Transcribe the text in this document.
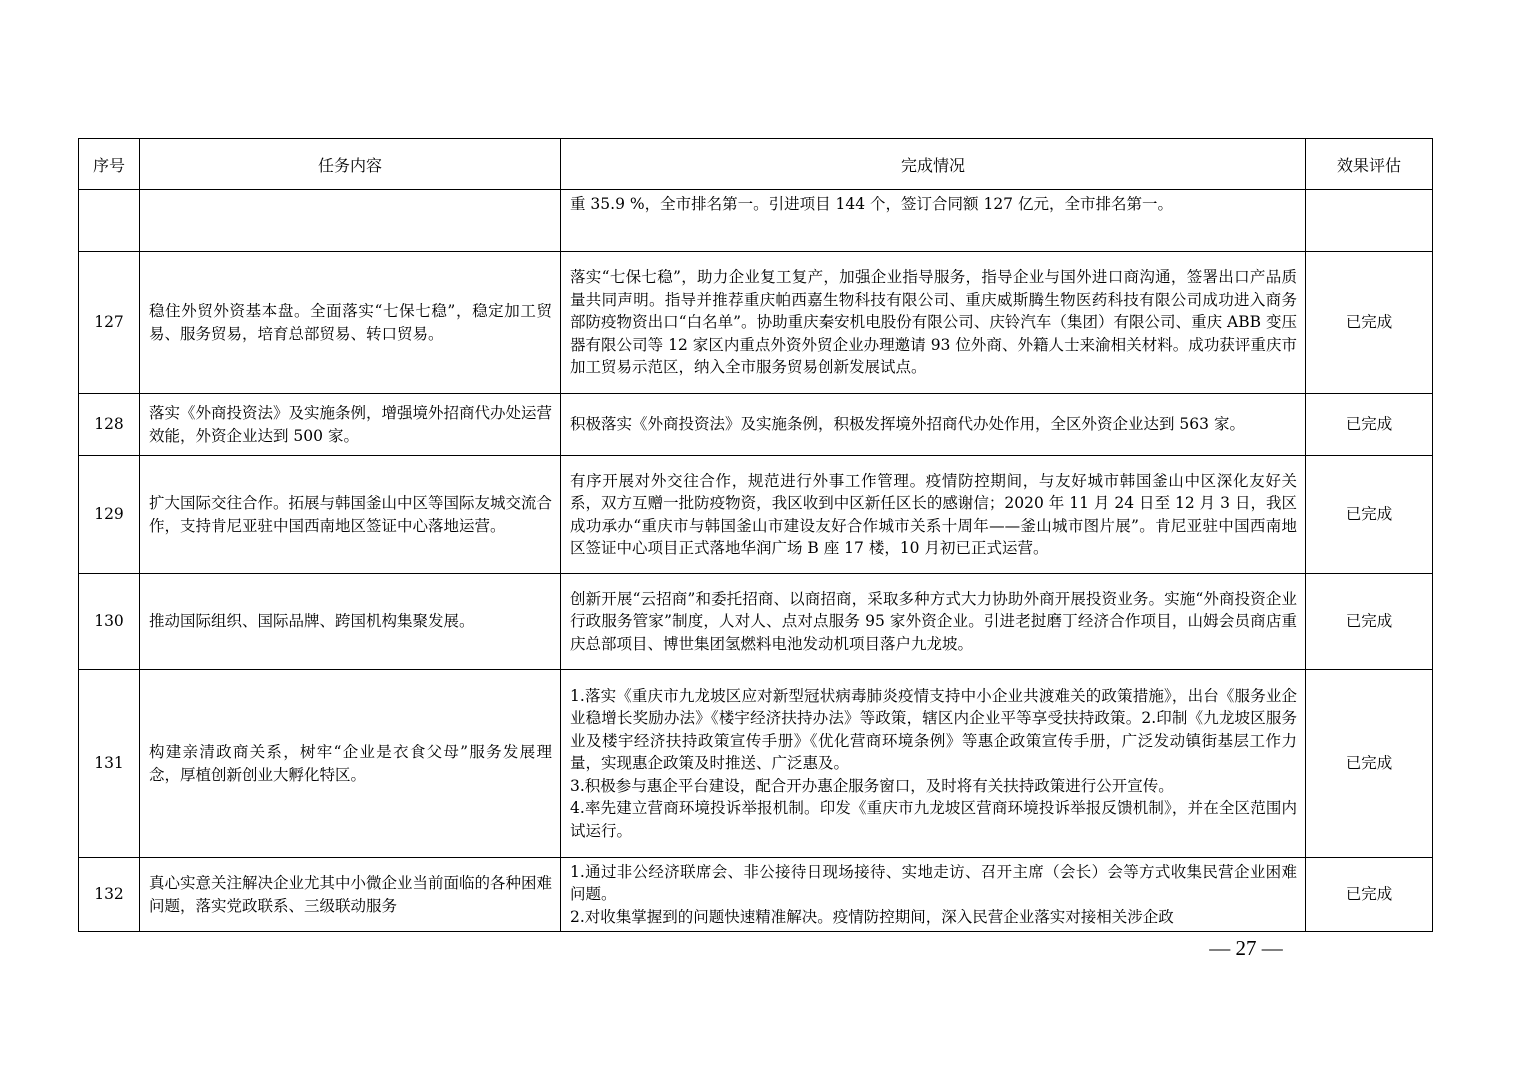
序号	任务内容	完成情况	效果评估

		重 35.9 %，全市排名第一。引进项目 144 个，签订合同额 127 亿元，全市排名第一。	

127	稳住外贸外资基本盘。全面落实“七保七稳”，稳定加工贸易、服务贸易，培育总部贸易、转口贸易。	落实“七保七稳”，助力企业复工复产，加强企业指导服务，指导企业与国外进口商沟通，签署出口产品质量共同声明。指导并推荐重庆帕西嘉生物科技有限公司、重庆威斯腾生物医药科技有限公司成功进入商务部防疫物资出口“白名单”。协助重庆秦安机电股份有限公司、庆铃汽车（集团）有限公司、重庆 ABB 变压器有限公司等 12 家区内重点外资外贸企业办理邀请 93 位外商、外籍人士来渝相关材料。成功获评重庆市加工贸易示范区，纳入全市服务贸易创新发展试点。	已完成
128	落实《外商投资法》及实施条例，增强境外招商代办处运营效能，外资企业达到 500 家。	积极落实《外商投资法》及实施条例，积极发挥境外招商代办处作用，全区外资企业达到 563 家。	已完成
129	扩大国际交往合作。拓展与韩国釜山中区等国际友城交流合作，支持肯尼亚驻中国西南地区签证中心落地运营。	有序开展对外交往合作，规范进行外事工作管理。疫情防控期间，与友好城市韩国釜山中区深化友好关系，双方互赠一批防疫物资，我区收到中区新任区长的感谢信；2020 年 11 月 24 日至 12 月 3 日，我区成功承办“重庆市与韩国釜山市建设友好合作城市关系十周年——釜山城市图片展”。肯尼亚驻中国西南地区签证中心项目正式落地华润广场 B 座 17 楼，10 月初已正式运营。	已完成
130	推动国际组织、国际品牌、跨国机构集聚发展。	创新开展“云招商”和委托招商、以商招商，采取多种方式大力协助外商开展投资业务。实施“外商投资企业行政服务管家”制度，人对人、点对点服务 95 家外资企业。引进老挝磨丁经济合作项目，山姆会员商店重庆总部项目、博世集团氢燃料电池发动机项目落户九龙坡。	已完成
131	构建亲清政商关系，树牢“企业是衣食父母”服务发展理念，厚植创新创业大孵化特区。	1.落实《重庆市九龙坡区应对新型冠状病毒肺炎疫情支持中小企业共渡难关的政策措施》，出台《服务业企业稳增长奖励办法》《楼宇经济扶持办法》等政策，辖区内企业平等享受扶持政策。2.印制《九龙坡区服务业及楼宇经济扶持政策宣传手册》《优化营商环境条例》等惠企政策宣传手册，广泛发动镇街基层工作力量，实现惠企政策及时推送、广泛惠及。
3.积极参与惠企平台建设，配合开办惠企服务窗口，及时将有关扶持政策进行公开宣传。
4.率先建立营商环境投诉举报机制。印发《重庆市九龙坡区营商环境投诉举报反馈机制》，并在全区范围内试运行。	已完成
132	真心实意关注解决企业尤其中小微企业当前面临的各种困难问题，落实党政联系、三级联动服务	1.通过非公经济联席会、非公接待日现场接待、实地走访、召开主席（会长）会等方式收集民营企业困难问题。
2.对收集掌握到的问题快速精准解决。疫情防控期间，深入民营企业落实对接相关涉企政	已完成
— 27 —
